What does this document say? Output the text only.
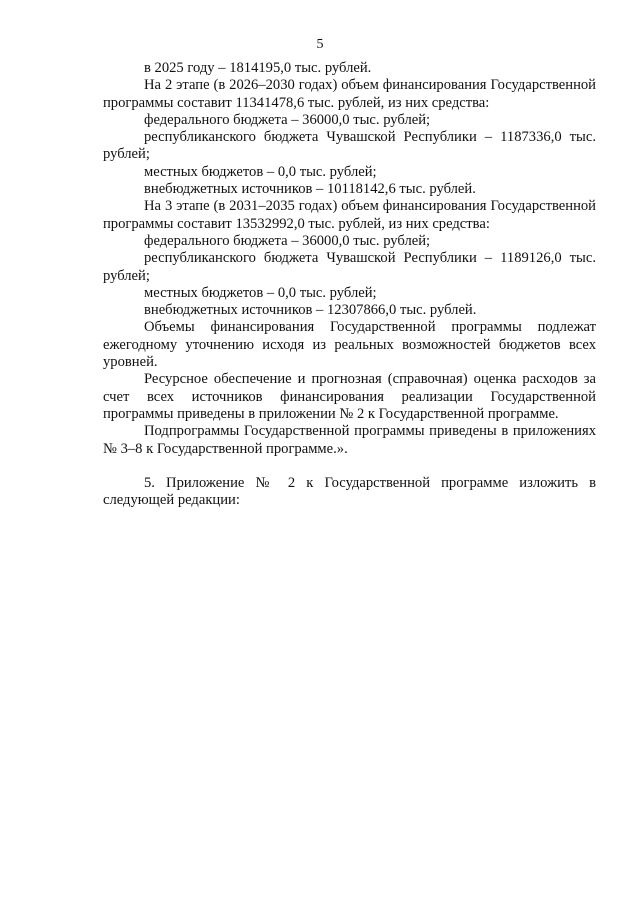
5

в 2025 году – 1814195,0 тыс. рублей.

На 2 этапе (в 2026–2030 годах) объем финансирования Государственной программы составит 11341478,6 тыс. рублей, из них средства:

федерального бюджета – 36000,0 тыс. рублей;

республиканского бюджета Чувашской Республики – 1187336,0 тыс. рублей;

местных бюджетов – 0,0 тыс. рублей;

внебюджетных источников – 10118142,6 тыс. рублей.

На 3 этапе (в 2031–2035 годах) объем финансирования Государственной программы составит 13532992,0 тыс. рублей, из них средства:

федерального бюджета – 36000,0 тыс. рублей;

республиканского бюджета Чувашской Республики – 1189126,0 тыс. рублей;

местных бюджетов – 0,0 тыс. рублей;

внебюджетных источников – 12307866,0 тыс. рублей.

Объемы финансирования Государственной программы подлежат ежегодному уточнению исходя из реальных возможностей бюджетов всех уровней.

Ресурсное обеспечение и прогнозная (справочная) оценка расходов за счет всех источников финансирования реализации Государственной программы приведены в приложении № 2 к Государственной программе.

Подпрограммы Государственной программы приведены в приложениях № 3–8 к Государственной программе.».

5. Приложение № 2 к Государственной программе изложить в следующей редакции:
